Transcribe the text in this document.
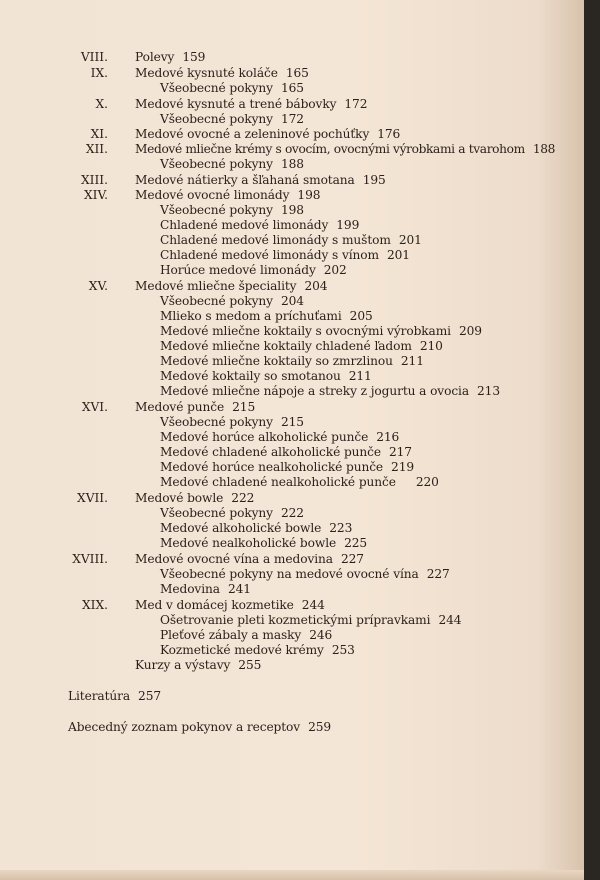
VIII. Polevy 159
IX. Medové kysnuté koláče 165
Všeobecné pokyny 165
X. Medové kysnuté a trené bábovky 172
Všeobecné pokyny 172
XI. Medové ovocné a zeleninové pochúťky 176
XII. Medové mliečne krémy s ovocím, ovocnými výrobkami a tvarohom 188
Všeobecné pokyny 188
XIII. Medové nátierky a šľahaná smotana 195
XIV. Medové ovocné limonády 198
Všeobecné pokyny 198
Chladené medové limonády 199
Chladené medové limonády s muštom 201
Chladené medové limonády s vínom 201
Horúce medové limonády 202
XV. Medové mliečne špeciality 204
Všeobecné pokyny 204
Mlieko s medom a príchuťami 205
Medové mliečne koktaily s ovocnými výrobkami 209
Medové mliečne koktaily chladené ľadom 210
Medové mliečne koktaily so zmrzlinou 211
Medové koktaily so smotanou 211
Medové mliečne nápoje a streky z jogurtu a ovocia 213
XVI. Medové punče 215
Všeobecné pokyny 215
Medové horúce alkoholické punče 216
Medové chladené alkoholické punče 217
Medové horúce nealkoholické punče 219
Medové chladené nealkoholické punče 220
XVII. Medové bowle 222
Všeobecné pokyny 222
Medové alkoholické bowle 223
Medové nealkoholické bowle 225
XVIII. Medové ovocné vína a medovina 227
Všeobecné pokyny na medové ovocné vína 227
Medovina 241
XIX. Med v domácej kozmetike 244
Ošetrovanie pleti kozmetickými prípravkami 244
Pleťové zábaly a masky 246
Kozmetické medové krémy 253
Kurzy a výstavy 255
Literatúra 257
Abecedný zoznam pokynov a receptov 259
